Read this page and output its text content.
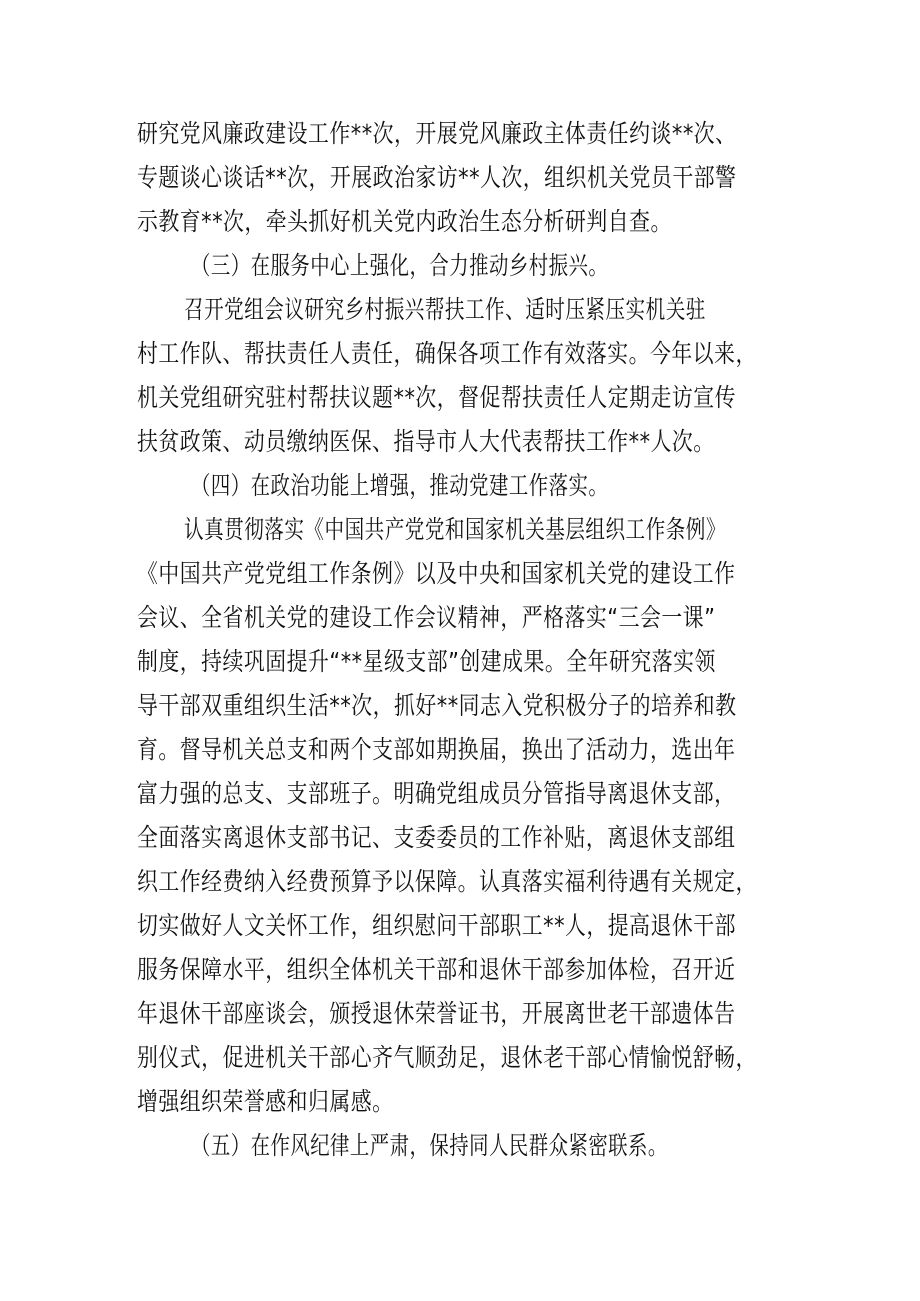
研究党风廉政建设工作**次，开展党风廉政主体责任约谈**次、
专题谈心谈话**次，开展政治家访**人次，组织机关党员干部警
示教育**次，牵头抓好机关党内政治生态分析研判自查。
（三）在服务中心上强化，合力推动乡村振兴。
召开党组会议研究乡村振兴帮扶工作、适时压紧压实机关驻
村工作队、帮扶责任人责任，确保各项工作有效落实。今年以来，
机关党组研究驻村帮扶议题**次，督促帮扶责任人定期走访宣传
扶贫政策、动员缴纳医保、指导市人大代表帮扶工作**人次。
（四）在政治功能上增强，推动党建工作落实。
认真贯彻落实《中国共产党党和国家机关基层组织工作条例》
《中国共产党党组工作条例》以及中央和国家机关党的建设工作
会议、全省机关党的建设工作会议精神，严格落实“三会一课”
制度，持续巩固提升“**星级支部”创建成果。全年研究落实领
导干部双重组织生活**次，抓好**同志入党积极分子的培养和教
育。督导机关总支和两个支部如期换届，换出了活动力，选出年
富力强的总支、支部班子。明确党组成员分管指导离退休支部，
全面落实离退休支部书记、支委委员的工作补贴，离退休支部组
织工作经费纳入经费预算予以保障。认真落实福利待遇有关规定，
切实做好人文关怀工作，组织慰问干部职工**人，提高退休干部
服务保障水平，组织全体机关干部和退休干部参加体检，召开近
年退休干部座谈会，颁授退休荣誉证书，开展离世老干部遗体告
别仪式，促进机关干部心齐气顺劲足，退休老干部心情愉悦舒畅，
增强组织荣誉感和归属感。
（五）在作风纪律上严肃，保持同人民群众紧密联系。
